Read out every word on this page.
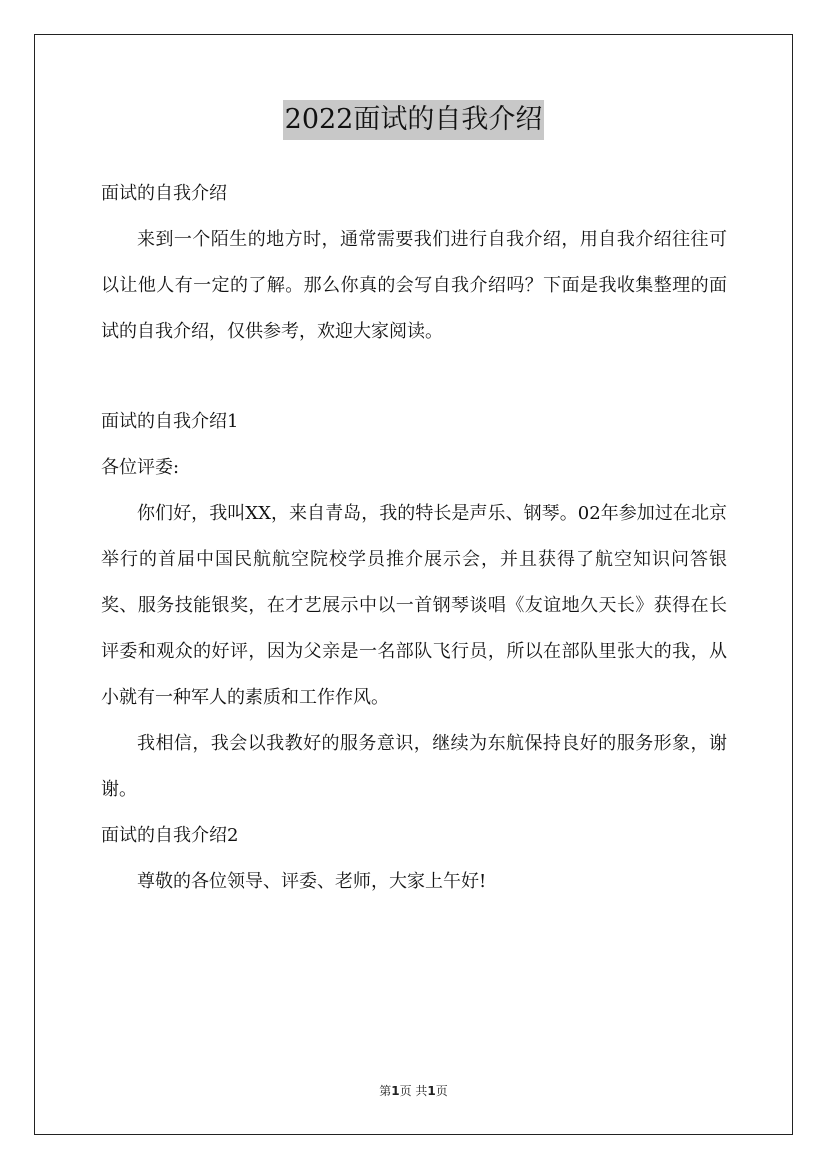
2022面试的自我介绍

面试的自我介绍

来到一个陌生的地方时，通常需要我们进行自我介绍，用自我介绍往往可以让他人有一定的了解。那么你真的会写自我介绍吗？下面是我收集整理的面试的自我介绍，仅供参考，欢迎大家阅读。

面试的自我介绍1

各位评委:

你们好，我叫XX，来自青岛，我的特长是声乐、钢琴。02年参加过在北京举行的首届中国民航航空院校学员推介展示会，并且获得了航空知识问答银奖、服务技能银奖，在才艺展示中以一首钢琴谈唱《友谊地久天长》获得在长评委和观众的好评，因为父亲是一名部队飞行员，所以在部队里张大的我，从小就有一种军人的素质和工作作风。

我相信，我会以我教好的服务意识，继续为东航保持良好的服务形象，谢谢。

面试的自我介绍2

尊敬的各位领导、评委、老师，大家上午好!

第1页 共1页
